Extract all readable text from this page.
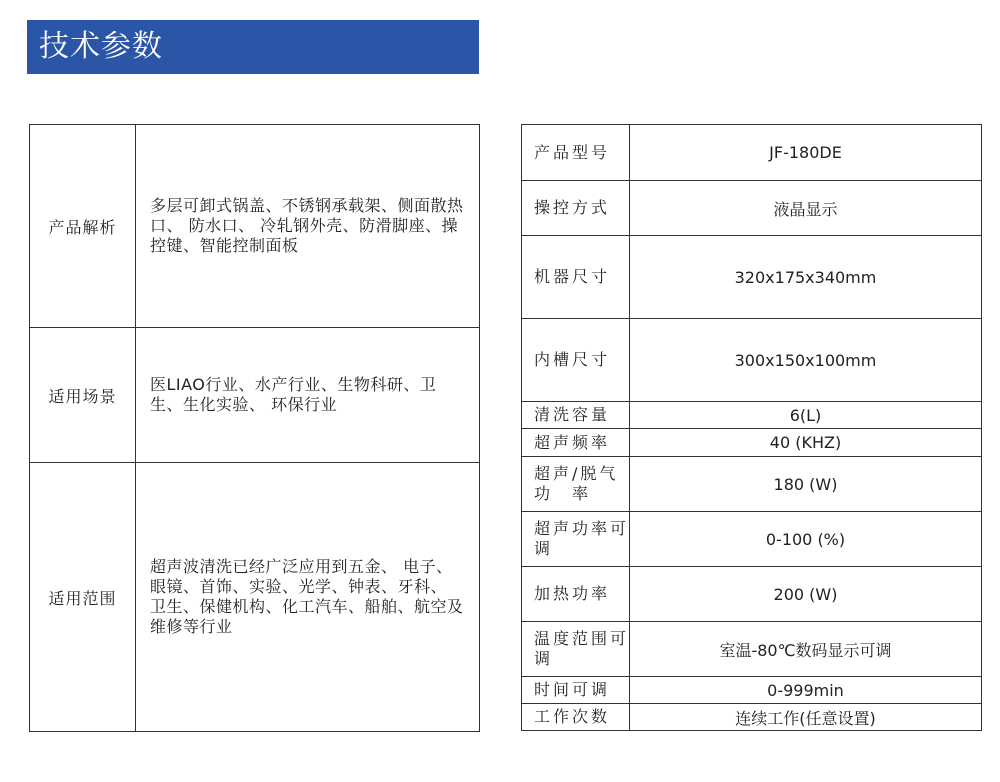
技术参数
产品解析	多层可卸式锅盖、不锈钢承载架、侧面散热口、 防水口、 冷轧钢外壳、防滑脚座、操控键、智能控制面板
适用场景	医LIAO行业、水产行业、生物科研、卫生、生化实验、 环保行业
适用范围	超声波清洗已经广泛应用到五金、 电子、 眼镜、首饰、实验、光学、钟表、牙科、 卫生、保健机构、化工汽车、船舶、航空及维修等行业
产品型号	JF-180DE
操控方式	液晶显示
机器尺寸	320x175x340mm
内槽尺寸	300x150x100mm
清洗容量	6(L)
超声频率	40 (KHZ)
超声/脱气功　率	180 (W)
超声功率可　调	0-100 (%)
加热功率	200 (W)
温度范围可　调	室温-80℃数码显示可调
时间可调	0-999min
工作次数	连续工作(任意设置)
